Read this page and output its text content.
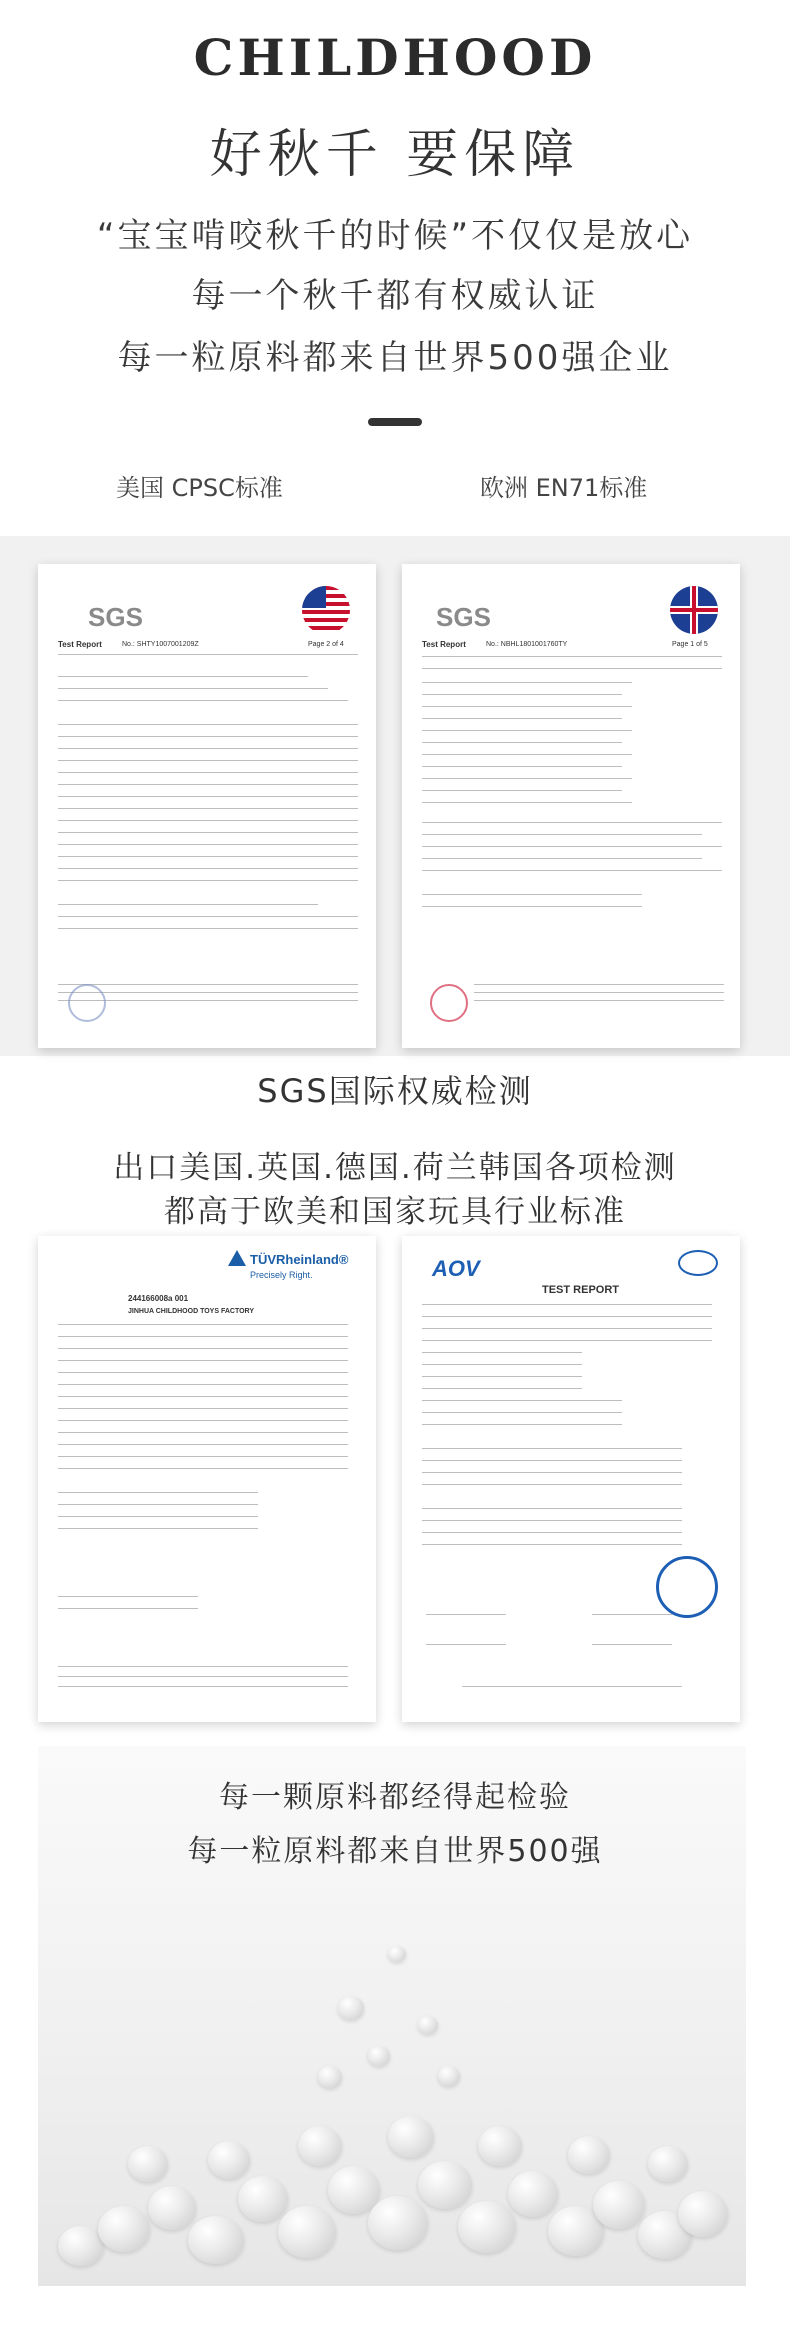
CHILDHOOD
好秋千 要保障
“宝宝啃咬秋千的时候”不仅仅是放心
每一个秋千都有权威认证
每一粒原料都来自世界500强企业
美国 CPSC标准	欧洲 EN71标准
SGS
Test Report	No.: SHTY1007001209Z	Page 2 of 4
SGS
Test Report	No.: NBHL1801001760TY	Page 1 of 5
SGS国际权威检测
出口美国.英国.德国.荷兰韩国各项检测
都高于欧美和国家玩具行业标准
TÜVRheinland®
Precisely Right.
244166008a 001
JINHUA CHILDHOOD TOYS FACTORY
AOV
TEST REPORT
每一颗原料都经得起检验
每一粒原料都来自世界500强
